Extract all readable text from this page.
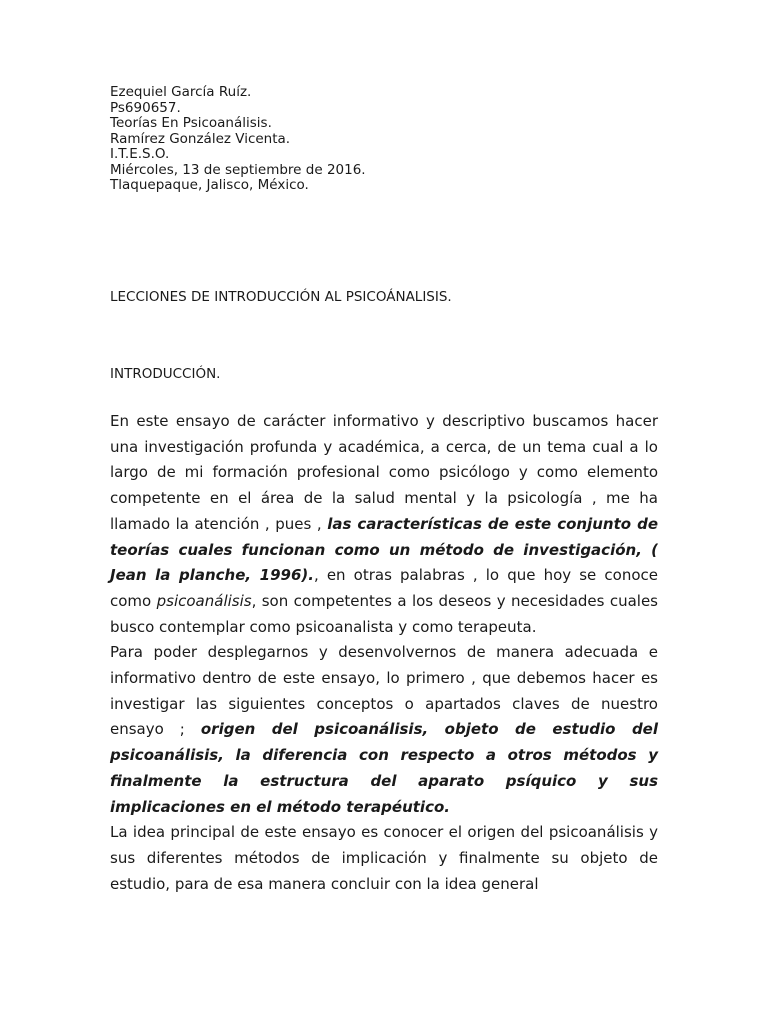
Ezequiel García Ruíz.
Ps690657.
Teorías En Psicoanálisis.
Ramírez González Vicenta.
I.T.E.S.O.
Miércoles, 13 de septiembre de 2016.
Tlaquepaque, Jalisco, México.
LECCIONES DE INTRODUCCIÓN AL PSICOÁNALISIS.
INTRODUCCIÓN.

En este ensayo de carácter informativo y descriptivo buscamos hacer una investigación profunda y académica, a cerca, de un tema cual a lo largo de mi formación profesional como psicólogo y como elemento competente en el área de la salud mental y la psicología , me ha llamado la atención , pues , las características de este conjunto de teorías cuales funcionan como un método de investigación, ( Jean la planche, 1996)., en otras palabras , lo que hoy se conoce como psicoanálisis, son competentes a los deseos y necesidades cuales busco contemplar como psicoanalista y como terapeuta.

Para poder desplegarnos y desenvolvernos de manera adecuada e informativo dentro de este ensayo, lo primero , que debemos hacer es investigar las siguientes conceptos o apartados claves de nuestro ensayo ; origen del psicoanálisis, objeto de estudio del psicoanálisis, la diferencia con respecto a otros métodos y finalmente la estructura del aparato psíquico y sus implicaciones en el método terapéutico.

La idea principal de este ensayo es conocer el origen del psicoanálisis y sus diferentes métodos de implicación y finalmente su objeto de estudio, para de esa manera concluir con la idea general
